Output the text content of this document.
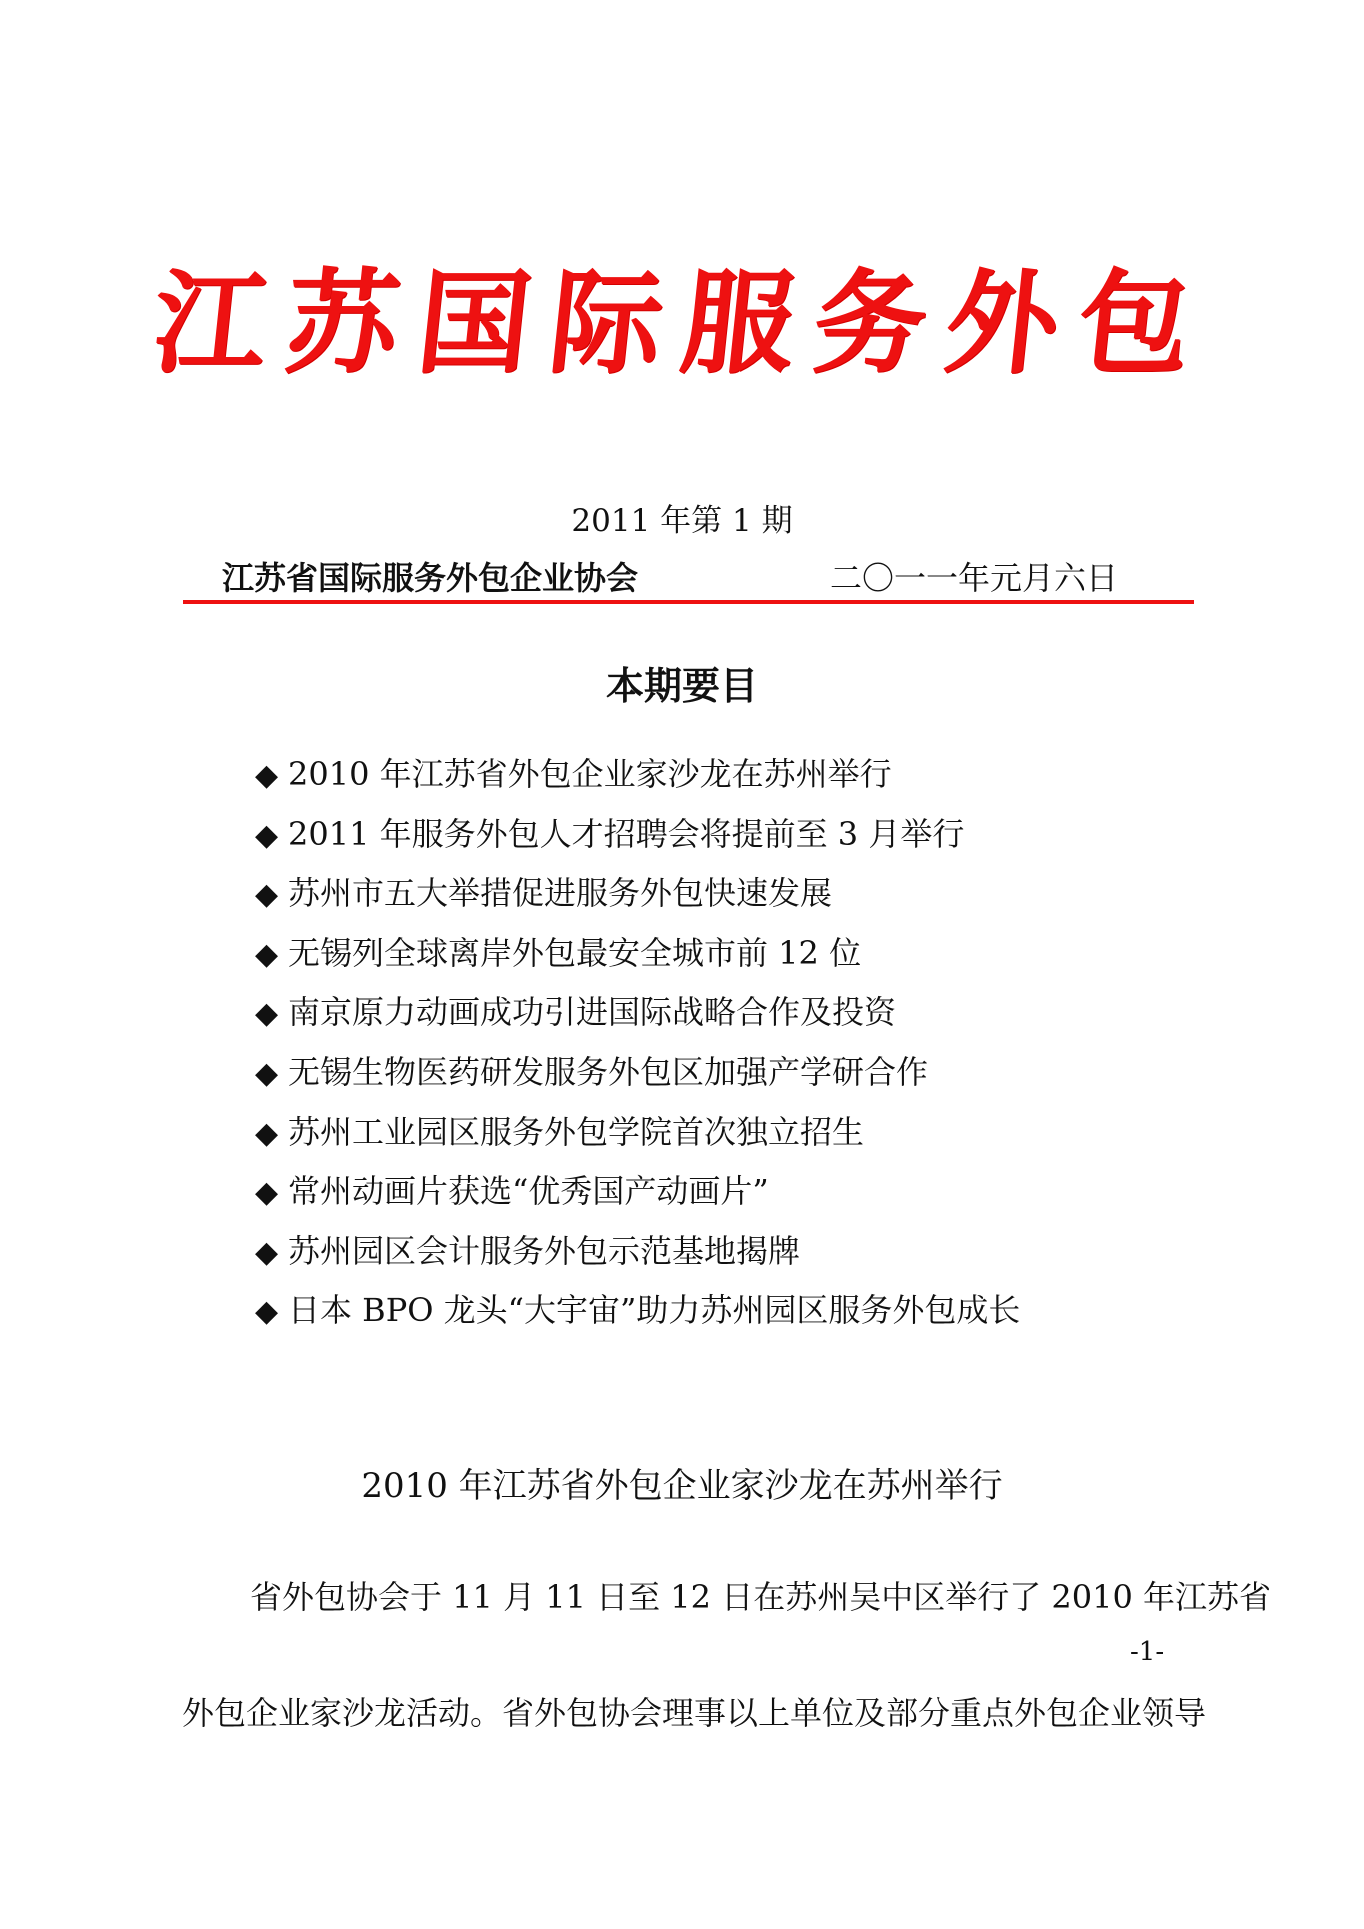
江苏国际服务外包
2011 年第 1 期
江苏省国际服务外包企业协会	二〇一一年元月六日
本期要目
◆ 2010 年江苏省外包企业家沙龙在苏州举行
◆ 2011 年服务外包人才招聘会将提前至 3 月举行
◆ 苏州市五大举措促进服务外包快速发展
◆ 无锡列全球离岸外包最安全城市前 12 位
◆ 南京原力动画成功引进国际战略合作及投资
◆ 无锡生物医药研发服务外包区加强产学研合作
◆ 苏州工业园区服务外包学院首次独立招生
◆ 常州动画片获选“优秀国产动画片”
◆ 苏州园区会计服务外包示范基地揭牌
◆ 日本 BPO 龙头“大宇宙”助力苏州园区服务外包成长
2010 年江苏省外包企业家沙龙在苏州举行
省外包协会于 11 月 11 日至 12 日在苏州吴中区举行了 2010 年江苏省
-1-
外包企业家沙龙活动。省外包协会理事以上单位及部分重点外包企业领导
